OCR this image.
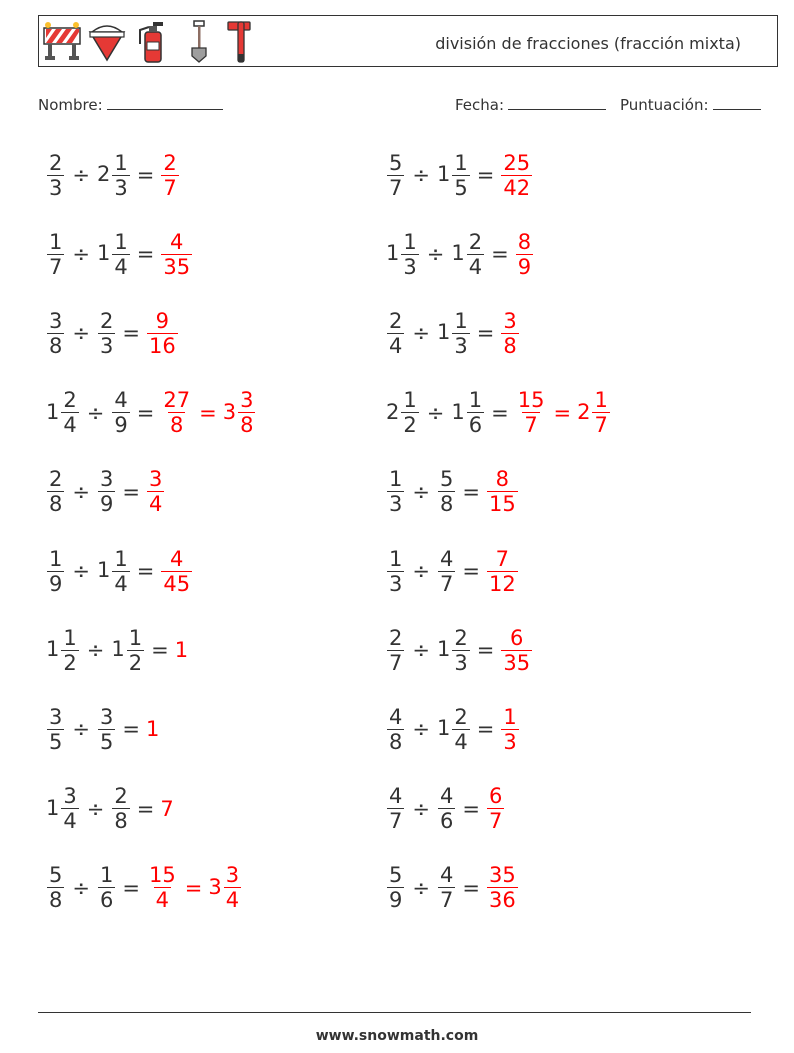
división de fracciones (fracción mixta)
Nombre:	Fecha:	Puntuación:
$\frac{2}{3} \div 2 \frac{1}{3} = \frac{2}{7}$	$\frac{5}{7} \div 1 \frac{1}{5} = \frac{25}{42}$
$\frac{1}{7} \div 1 \frac{1}{4} = \frac{4}{35}$	$1 \frac{1}{3} \div 1 \frac{2}{4} = \frac{8}{9}$
$\frac{3}{8} \div \frac{2}{3} = \frac{9}{16}$	$\frac{2}{4} \div 1 \frac{1}{3} = \frac{3}{8}$
$1 \frac{2}{4} \div \frac{4}{9} = \frac{27}{8} = 3 \frac{3}{8}$	$2 \frac{1}{2} \div 1 \frac{1}{6} = \frac{15}{7} = 2 \frac{1}{7}$
$\frac{2}{8} \div \frac{3}{9} = \frac{3}{4}$	$\frac{1}{3} \div \frac{5}{8} = \frac{8}{15}$
$\frac{1}{9} \div 1 \frac{1}{4} = \frac{4}{45}$	$\frac{1}{3} \div \frac{4}{7} = \frac{7}{12}$
$1 \frac{1}{2} \div 1 \frac{1}{2} = 1$	$\frac{2}{7} \div 1 \frac{2}{3} = \frac{6}{35}$
$\frac{3}{5} \div \frac{3}{5} = 1$	$\frac{4}{8} \div 1 \frac{2}{4} = \frac{1}{3}$
$1 \frac{3}{4} \div \frac{2}{8} = 7$	$\frac{4}{7} \div \frac{4}{6} = \frac{6}{7}$
$\frac{5}{8} \div \frac{1}{6} = \frac{15}{4} = 3 \frac{3}{4}$	$\frac{5}{9} \div \frac{4}{7} = \frac{35}{36}$
www.snowmath.com
